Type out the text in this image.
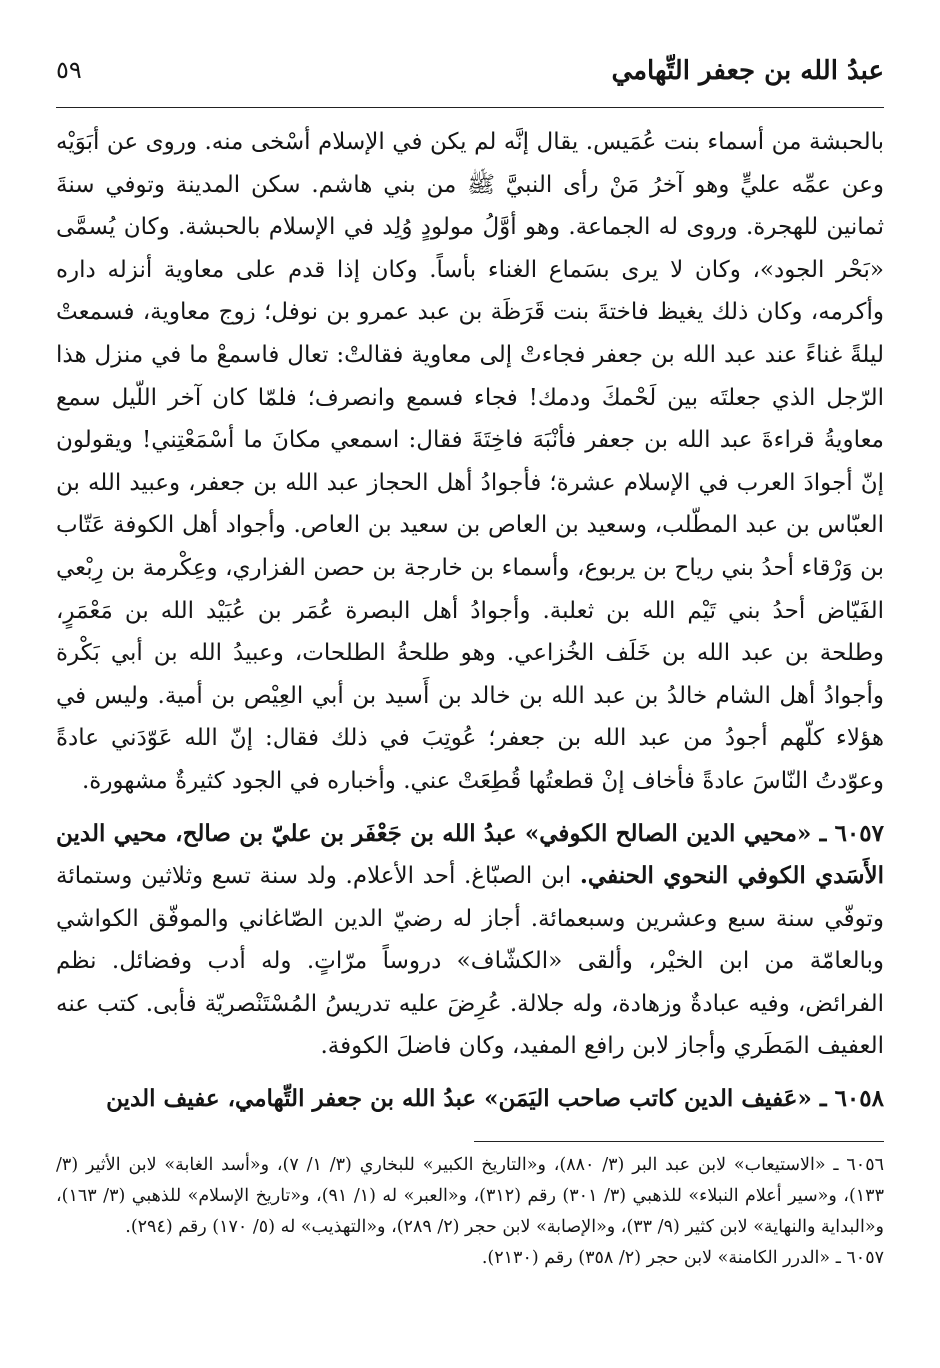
عبدُ الله بن جعفر التِّهامي
٥٩

بالحبشة من أسماء بنت عُمَيس. يقال إنَّه لم يكن في الإسلام أسْخى منه. وروى عن أبَوَيْه وعن عمِّه عليٍّ وهو آخرُ مَنْ رأى النبيَّ ﷺ من بني هاشم. سكن المدينة وتوفي سنةَ ثمانين للهجرة. وروى له الجماعة. وهو أوَّلُ مولودٍ وُلِد في الإسلام بالحبشة. وكان يُسمَّى «بَحْر الجود»، وكان لا يرى بسَماع الغناء بأساً. وكان إذا قدم على معاوية أنزله داره وأكرمه، وكان ذلك يغيظ فاختةَ بنت قَرَظَة بن عبد عمرو بن نوفل؛ زوج معاوية، فسمعتْ ليلةً غناءً عند عبد الله بن جعفر فجاءتْ إلى معاوية فقالتْ: تعال فاسمعْ ما في منزل هذا الرّجل الذي جعلتَه بين لَحْمكَ ودمك! فجاء فسمع وانصرف؛ فلمّا كان آخر اللّيل سمع معاويةُ قراءةَ عبد الله بن جعفر فأنْبَهَ فاخِتَةَ فقال: اسمعي مكانَ ما أسْمَعْتِني! ويقولون إنّ أجوادَ العرب في الإسلام عشرة؛ فأجوادُ أهل الحجاز عبد الله بن جعفر، وعبيد الله بن العبّاس بن عبد المطّلب، وسعيد بن العاص بن سعيد بن العاص. وأجواد أهل الكوفة عَتّاب بن وَرْقاء أحدُ بني رياح بن يربوع، وأسماء بن خارجة بن حصن الفزاري، وعِكْرمة بن رِبْعي الفَيّاض أحدُ بني تَيْم الله بن ثعلبة. وأجوادُ أهل البصرة عُمَر بن عُبَيْد الله بن مَعْمَرٍ، وطلحة بن عبد الله بن خَلَف الخُزاعي. وهو طلحةُ الطلحات، وعبيدُ الله بن أبي بَكْرة وأجوادُ أهل الشام خالدُ بن عبد الله بن خالد بن أَسيد بن أبي العِيْص بن أمية. وليس في هؤلاء كلّهم أجودُ من عبد الله بن جعفر؛ عُوتِبَ في ذلك فقال: إنّ الله عَوّدَني عادةً وعوّدتُ النّاسَ عادةً فأخاف إنْ قطعتُها قُطِعَتْ عني. وأخباره في الجود كثيرةٌ مشهورة.

٦٠٥٧ ـ «محيي الدين الصالح الكوفي» عبدُ الله بن جَعْفَر بن عليّ بن صالح، محيي الدين الأَسَدي الكوفي النحوي الحنفي. ابن الصبّاغ. أحد الأعلام. ولد سنة تسع وثلاثين وستمائة وتوفّي سنة سبع وعشرين وسبعمائة. أجاز له رضيّ الدين الصّاغاني والموفّق الكواشي وبالعامّة من ابن الخيْر، وألقى «الكشّاف» دروساً مرّاتٍ. وله أدب وفضائل. نظم الفرائض، وفيه عبادةٌ وزهادة، وله جلالة. عُرِضَ عليه تدريسُ المُسْتَنْصريّة فأبى. كتب عنه العفيف المَطَري وأجاز لابن رافع المفيد، وكان فاضلَ الكوفة.

٦٠٥٨ ـ «عَفيف الدين كاتب صاحب اليَمَن» عبدُ الله بن جعفر التِّهامي، عفيف الدين

٦٠٥٦ ـ «الاستيعاب» لابن عبد البر (٣/ ٨٨٠)، و«التاريخ الكبير» للبخاري (٣/ ١/ ٧)، و«أسد الغابة» لابن الأثير (٣/ ١٣٣)، و«سير أعلام النبلاء» للذهبي (٣/ ٣٠١) رقم (٣١٢)، و«العبر» له (١/ ٩١)، و«تاريخ الإسلام» للذهبي (٣/ ١٦٣)، و«البداية والنهاية» لابن كثير (٩/ ٣٣)، و«الإصابة» لابن حجر (٢/ ٢٨٩)، و«التهذيب» له (٥/ ١٧٠) رقم (٢٩٤).

٦٠٥٧ ـ «الدرر الكامنة» لابن حجر (٢/ ٣٥٨) رقم (٢١٣٠).
